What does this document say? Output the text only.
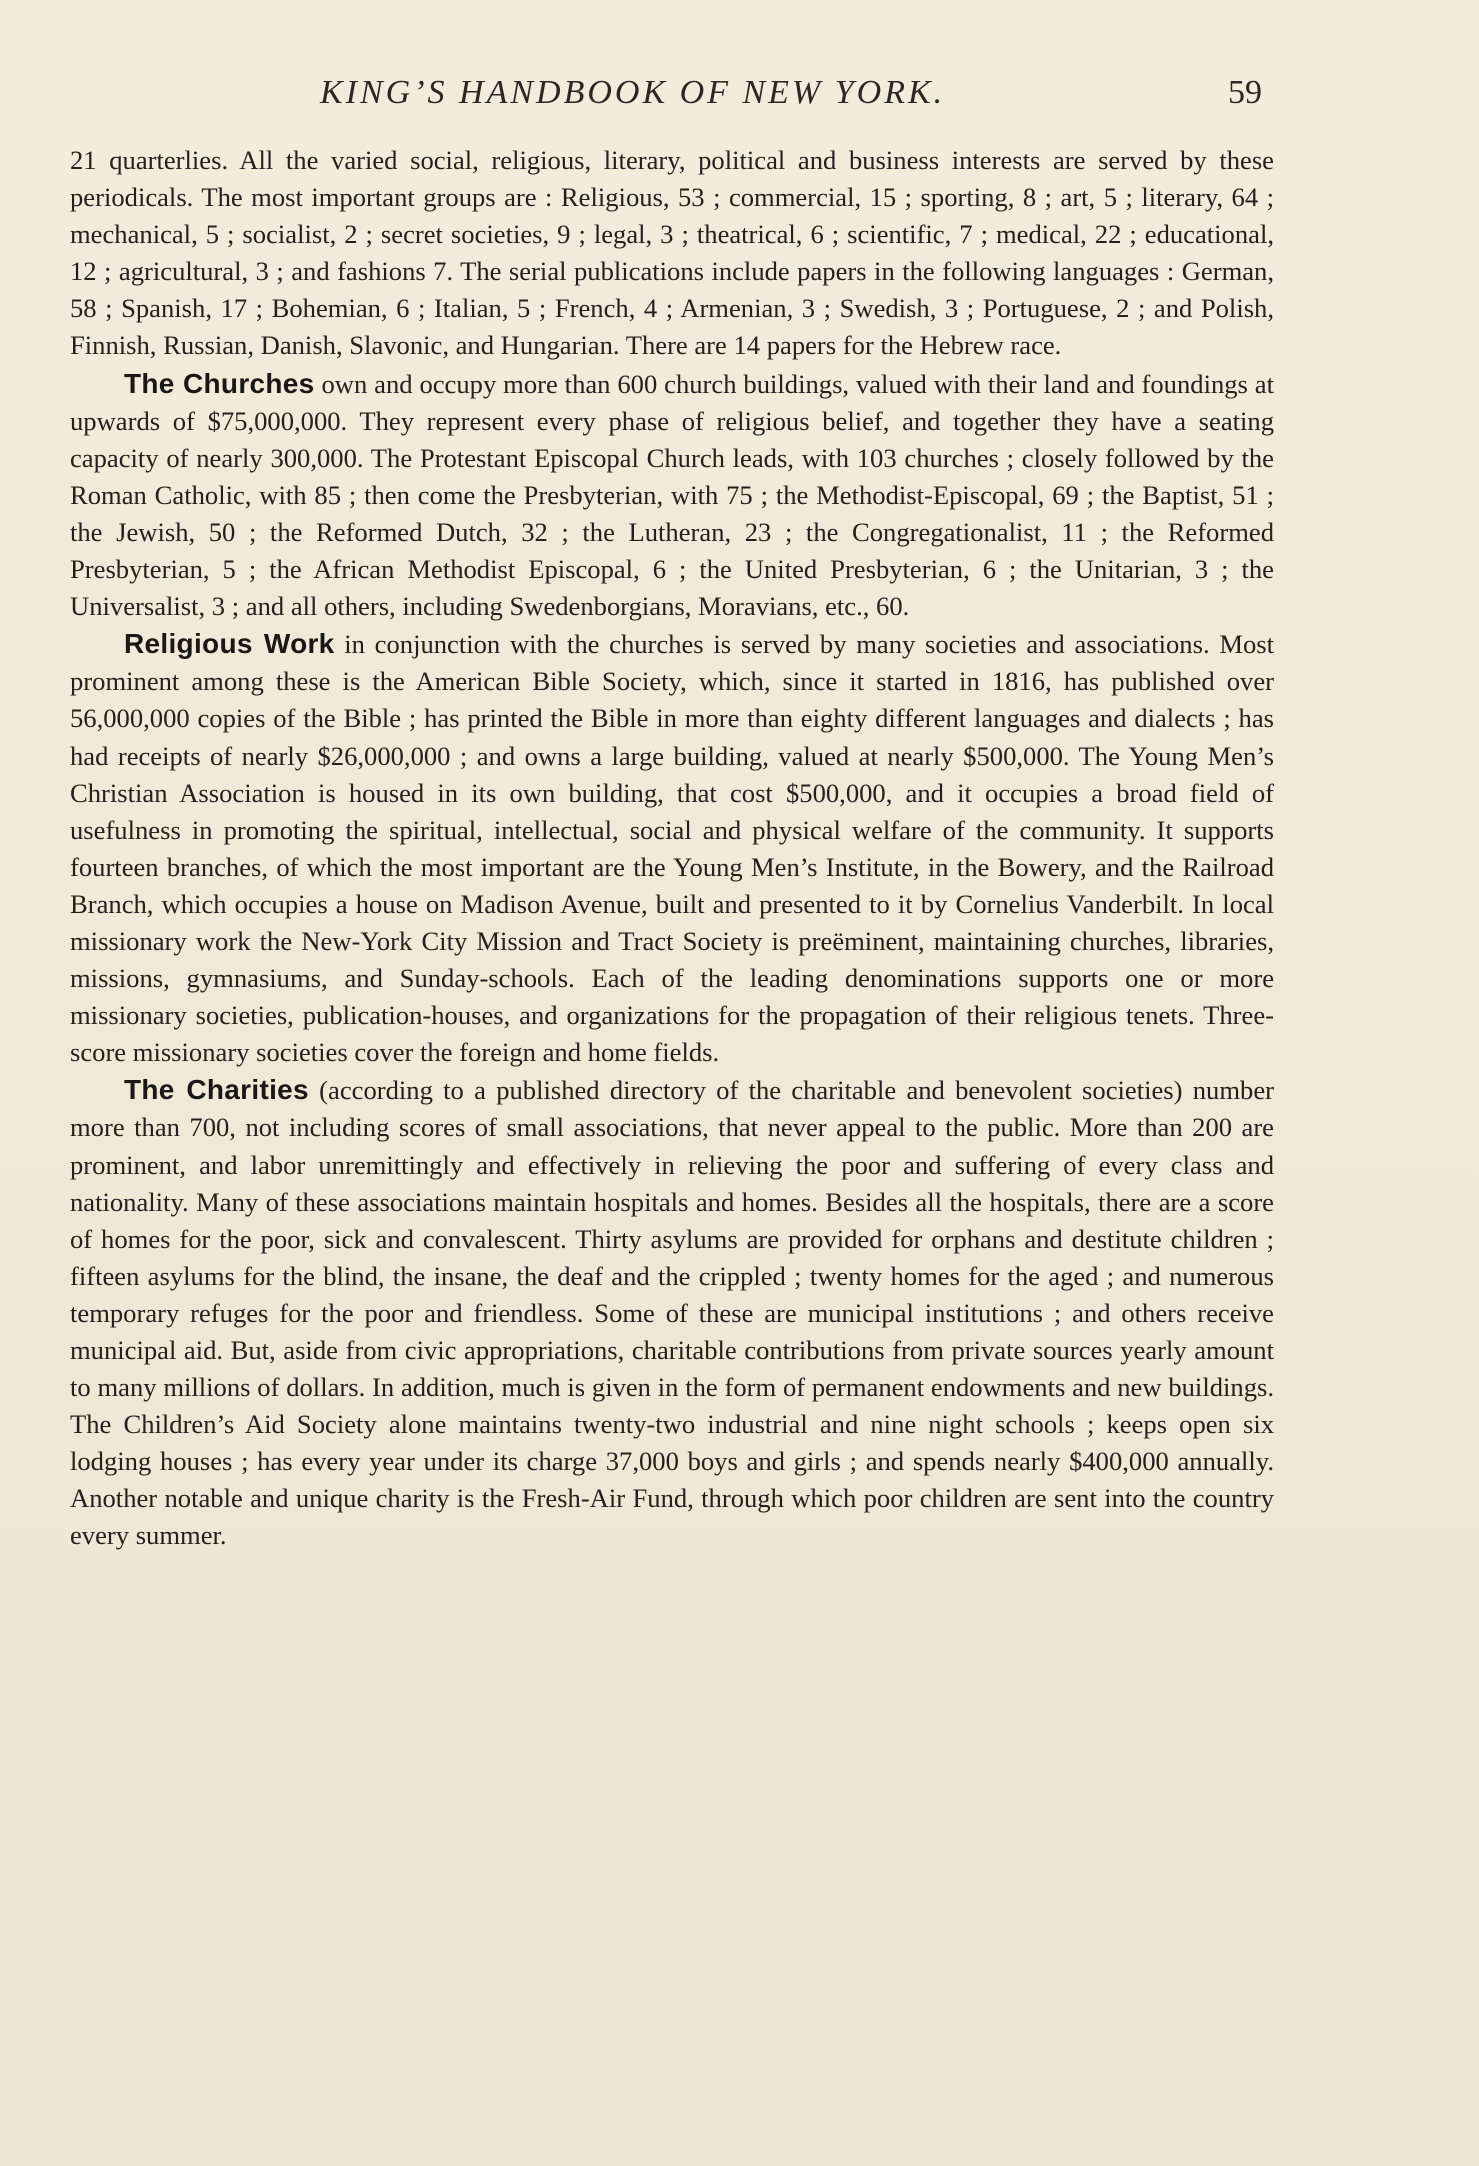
KING’S HANDBOOK OF NEW YORK.	59

21 quarterlies. All the varied social, religious, literary, political and business interests are served by these periodicals. The most important groups are : Religious, 53 ; commercial, 15 ; sporting, 8 ; art, 5 ; literary, 64 ; mechanical, 5 ; socialist, 2 ; secret societies, 9 ; legal, 3 ; theatrical, 6 ; scientific, 7 ; medical, 22 ; educational, 12 ; agricultural, 3 ; and fashions 7. The serial publications include papers in the following languages : German, 58 ; Spanish, 17 ; Bohemian, 6 ; Italian, 5 ; French, 4 ; Armenian, 3 ; Swedish, 3 ; Portuguese, 2 ; and Polish, Finnish, Russian, Danish, Slavonic, and Hungarian. There are 14 papers for the Hebrew race.

The Churches own and occupy more than 600 church buildings, valued with their land and foundings at upwards of $75,000,000. They represent every phase of religious belief, and together they have a seating capacity of nearly 300,000. The Protestant Episcopal Church leads, with 103 churches ; closely followed by the Roman Catholic, with 85 ; then come the Presbyterian, with 75 ; the Methodist-Episcopal, 69 ; the Baptist, 51 ; the Jewish, 50 ; the Reformed Dutch, 32 ; the Lutheran, 23 ; the Congregationalist, 11 ; the Reformed Presbyterian, 5 ; the African Methodist Episcopal, 6 ; the United Presbyterian, 6 ; the Unitarian, 3 ; the Universalist, 3 ; and all others, including Swedenborgians, Moravians, etc., 60.

Religious Work in conjunction with the churches is served by many societies and associations. Most prominent among these is the American Bible Society, which, since it started in 1816, has published over 56,000,000 copies of the Bible ; has printed the Bible in more than eighty different languages and dialects ; has had receipts of nearly $26,000,000 ; and owns a large building, valued at nearly $500,000. The Young Men’s Christian Association is housed in its own building, that cost $500,000, and it occupies a broad field of usefulness in promoting the spiritual, intellectual, social and physical welfare of the community. It supports fourteen branches, of which the most important are the Young Men’s Institute, in the Bowery, and the Railroad Branch, which occupies a house on Madison Avenue, built and presented to it by Cornelius Vanderbilt. In local missionary work the New-York City Mission and Tract Society is preëminent, maintaining churches, libraries, missions, gymnasiums, and Sunday-schools. Each of the leading denominations supports one or more missionary societies, publication-houses, and organizations for the propagation of their religious tenets. Three-score missionary societies cover the foreign and home fields.

The Charities (according to a published directory of the charitable and benevolent societies) number more than 700, not including scores of small associations, that never appeal to the public. More than 200 are prominent, and labor unremittingly and effectively in relieving the poor and suffering of every class and nationality. Many of these associations maintain hospitals and homes. Besides all the hospitals, there are a score of homes for the poor, sick and convalescent. Thirty asylums are provided for orphans and destitute children ; fifteen asylums for the blind, the insane, the deaf and the crippled ; twenty homes for the aged ; and numerous temporary refuges for the poor and friendless. Some of these are municipal institutions ; and others receive municipal aid. But, aside from civic appropriations, charitable contributions from private sources yearly amount to many millions of dollars. In addition, much is given in the form of permanent endowments and new buildings. The Children’s Aid Society alone maintains twenty-two industrial and nine night schools ; keeps open six lodging houses ; has every year under its charge 37,000 boys and girls ; and spends nearly $400,000 annually. Another notable and unique charity is the Fresh-Air Fund, through which poor children are sent into the country every summer.
